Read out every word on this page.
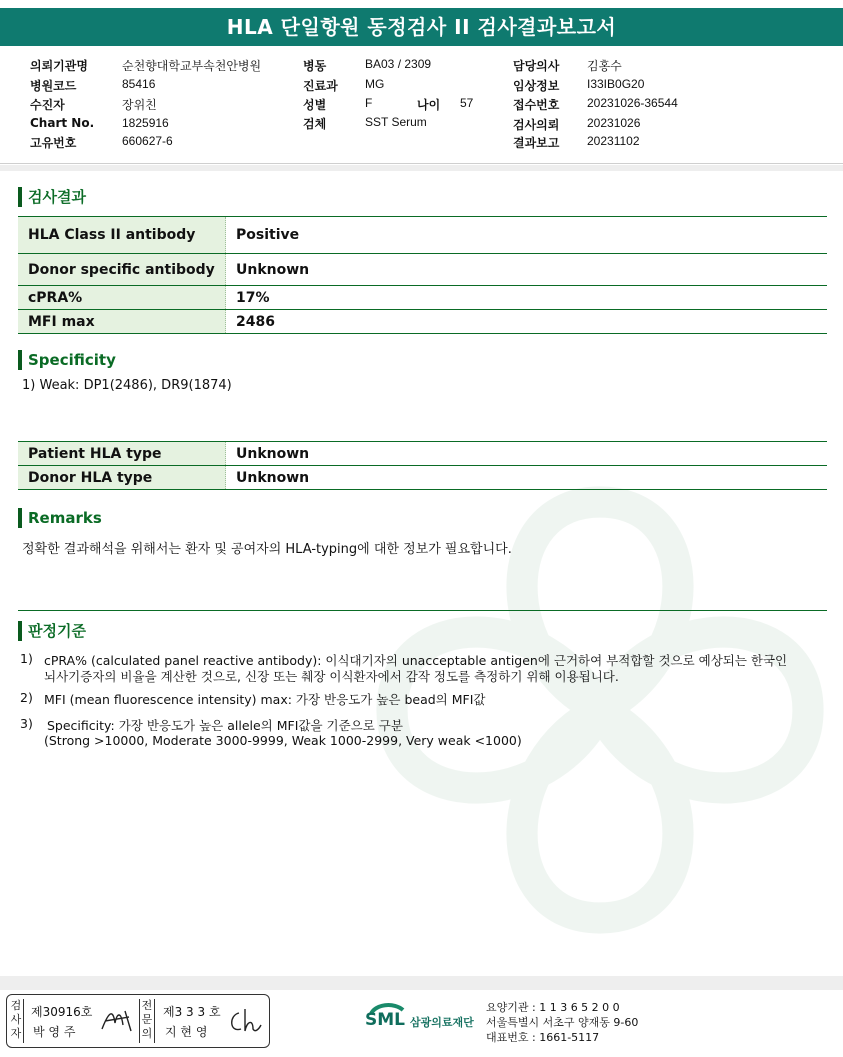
HLA 단일항원 동정검사 II 검사결과보고서
의뢰기관명	순천향대학교부속천안병원
병원코드	85416
수진자	장위친
Chart No. 1825916
고유번호	660627-6
병동	BA03 / 2309
진료과 MG
성별	F	나이 57
검체	SST Serum
담당의사 김홍수
임상정보 I33IB0G20
접수번호 20231026-36544
검사의뢰 20231026
결과보고 20231102
검사결과
HLA Class II antibody	Positive
Donor specific antibody	Unknown
cPRA%	17%
MFI max	2486
Specificity
1) Weak: DP1(2486), DR9(1874)
Patient HLA type	Unknown
Donor HLA type	Unknown
Remarks
정확한 결과해석을 위해서는 환자 및 공여자의 HLA-typing에 대한 정보가 필요합니다.
판정기준
1) cPRA% (calculated panel reactive antibody): 이식대기자의 unacceptable antigen에 근거하여 부적합할 것으로 예상되는 한국인
뇌사기증자의 비율을 계산한 것으로, 신장 또는 췌장 이식환자에서 감작 정도를 측정하기 위해 이용됩니다.
2) MFI (mean fluorescence intensity) max: 가장 반응도가 높은 bead의 MFI값
3) Specificity: 가장 반응도가 높은 allele의 MFI값을 기준으로 구분
(Strong >10000, Moderate 3000-9999, Weak 1000-2999, Very weak <1000)
검사자
제30916호
박 영 주
전문의
제3 3 3 호
지 현 영
SML 삼광의료재단
요양기관 : 1 1 3 6 5 2 0 0
서울특별시 서초구 양재동 9-60
대표번호 : 1661-5117
